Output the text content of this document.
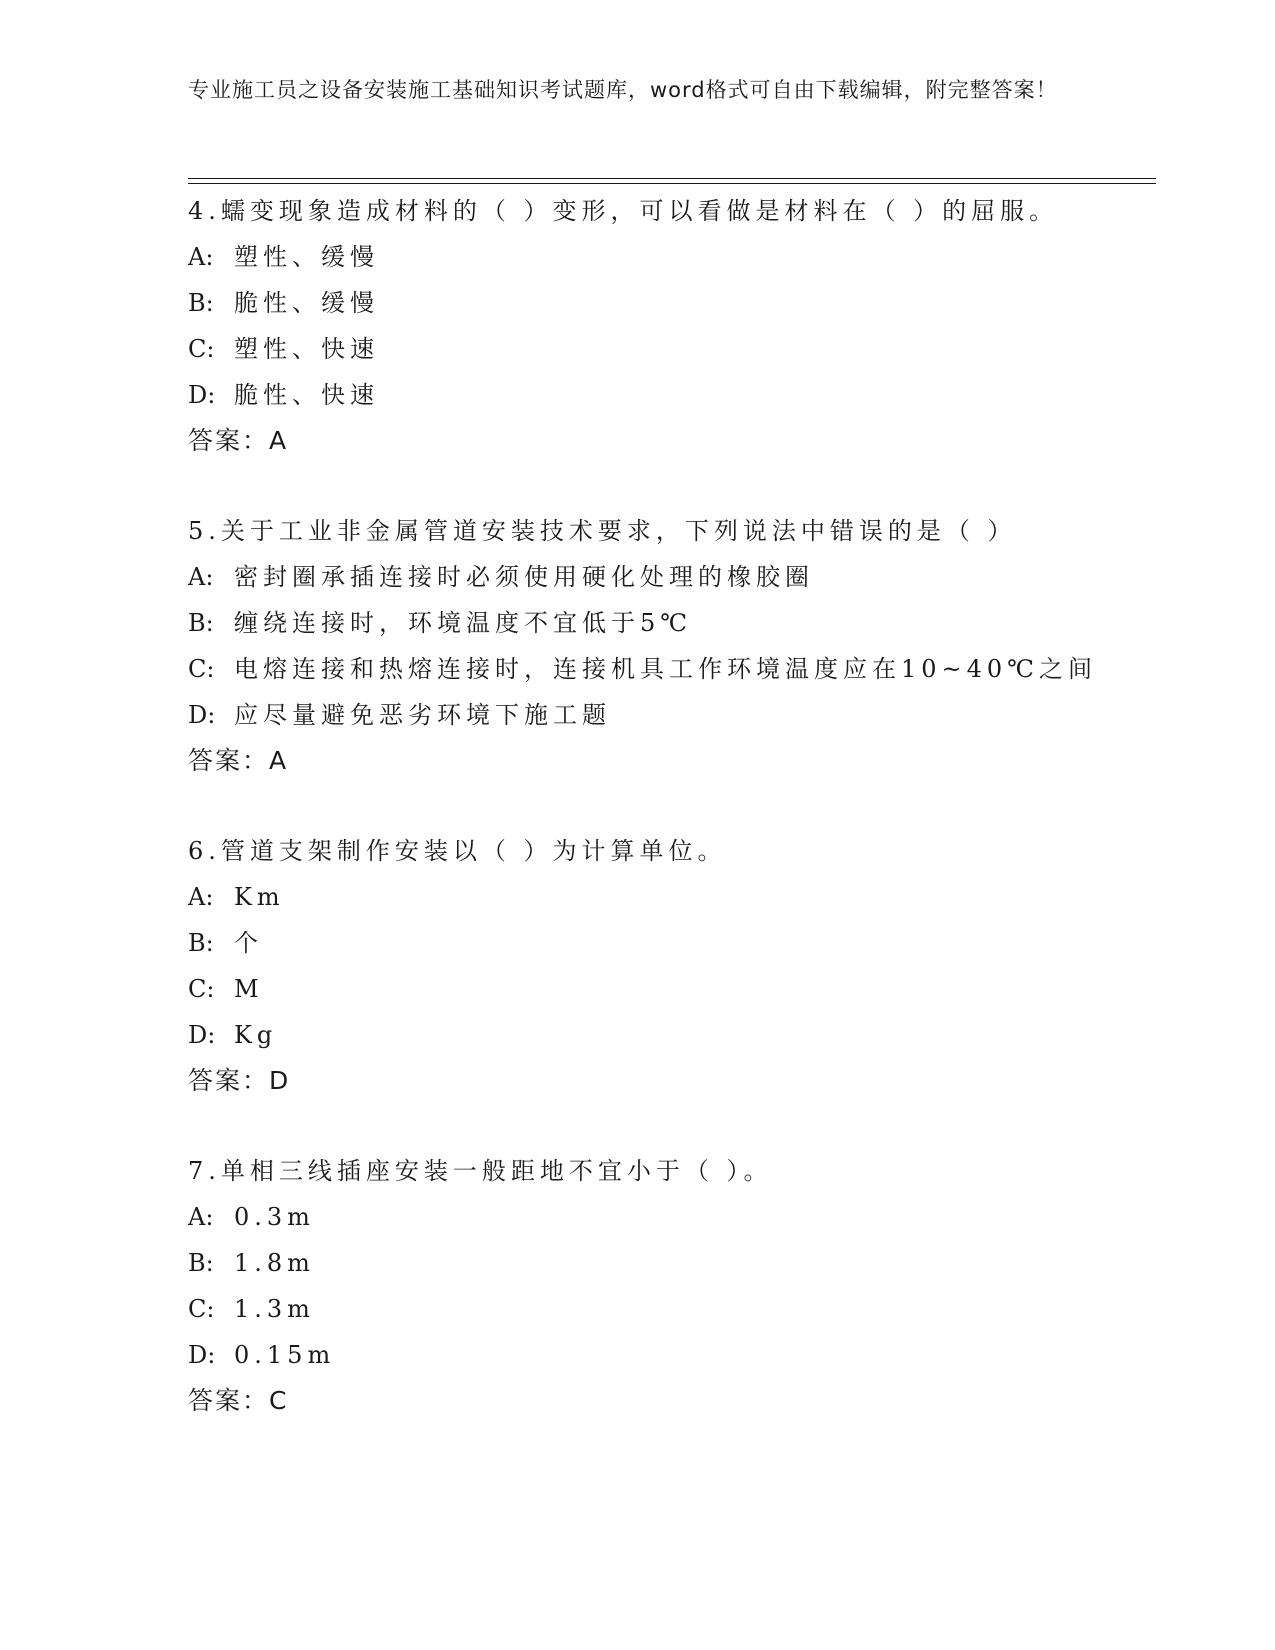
专业施工员之设备安装施工基础知识考试题库，word格式可自由下载编辑，附完整答案！
4.蠕变现象造成材料的（ ）变形，可以看做是材料在（ ）的屈服。
A: 塑性、缓慢
B: 脆性、缓慢
C: 塑性、快速
D: 脆性、快速
答案：A
5.关于工业非金属管道安装技术要求，下列说法中错误的是（ ）
A: 密封圈承插连接时必须使用硬化处理的橡胶圈
B: 缠绕连接时，环境温度不宜低于5℃
C: 电熔连接和热熔连接时，连接机具工作环境温度应在10~40℃之间
D: 应尽量避免恶劣环境下施工题
答案：A
6.管道支架制作安装以（ ）为计算单位。
A: Km
B: 个
C: M
D: Kg
答案：D
7.单相三线插座安装一般距地不宜小于（ ）。
A: 0.3m
B: 1.8m
C: 1.3m
D: 0.15m
答案：C
